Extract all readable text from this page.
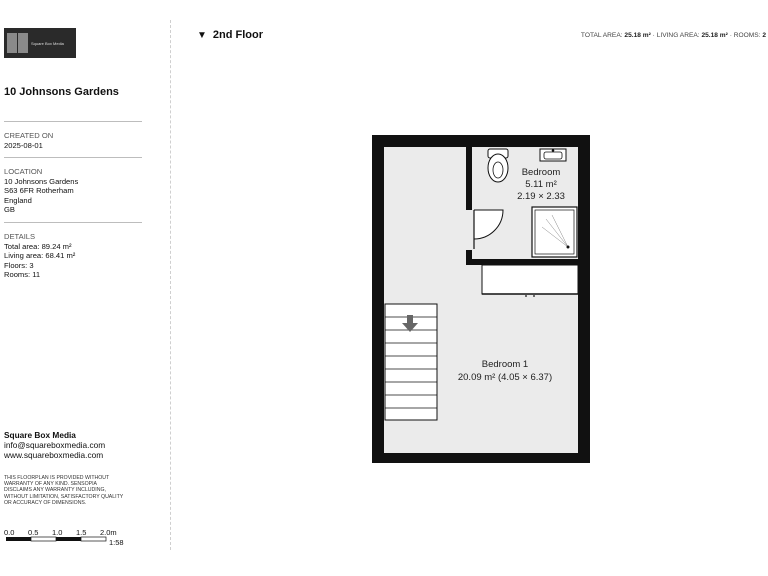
Square Box Media
10 Johnsons Gardens
CREATED ON
2025-08-01
LOCATION
10 Johnsons Gardens
S63 6FR Rotherham
England
GB
DETAILS
Total area: 89.24 m²
Living area: 68.41 m²
Floors: 3
Rooms: 11
Square Box Media
info@squareboxmedia.com
www.squareboxmedia.com
THIS FLOORPLAN IS PROVIDED WITHOUT
WARRANTY OF ANY KIND. SENSOPIA
DISCLAIMS ANY WARRANTY INCLUDING,
WITHOUT LIMITATION, SATISFACTORY QUALITY
OR ACCURACY OF DIMENSIONS.
0.0 0.5 1.0 1.5 2.0m
1:58
▼ 2nd Floor	TOTAL AREA: 25.18 m² · LIVING AREA: 25.18 m² · ROOMS: 2
Bedroom
5.11 m²
2.19 × 2.33
Bedroom 1
20.09 m² (4.05 × 6.37)
